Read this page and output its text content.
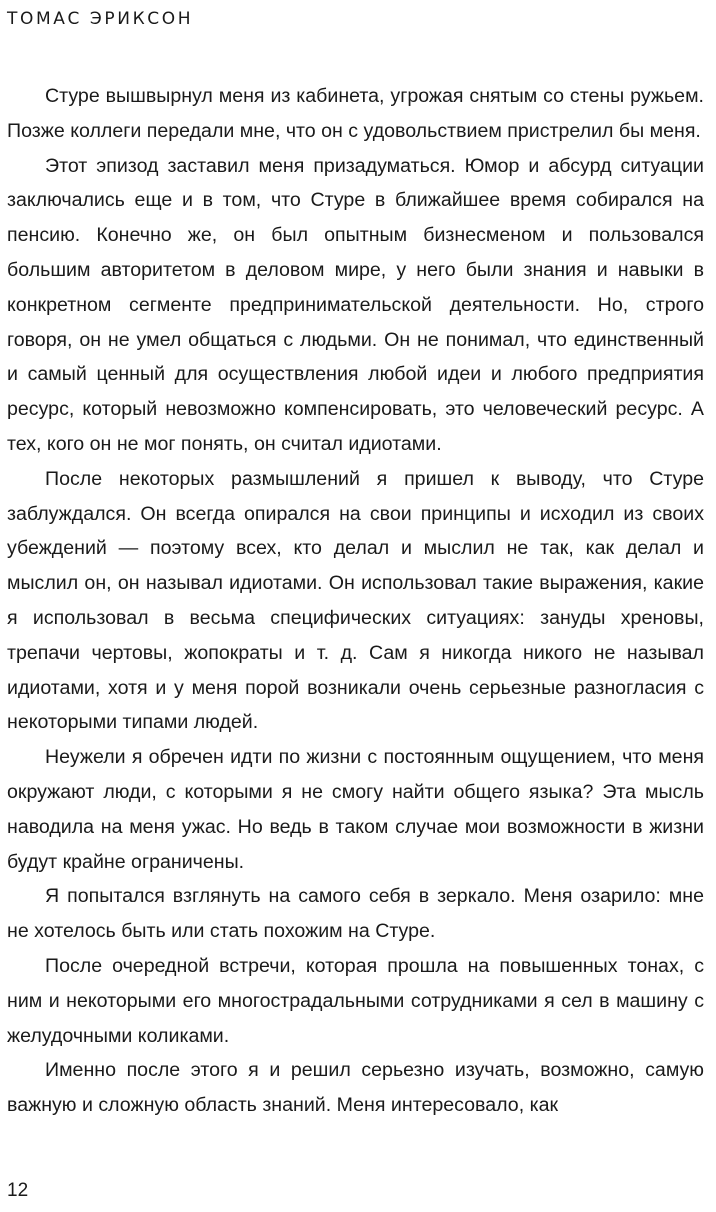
ТОМАС ЭРИКСОН

Стуре вышвырнул меня из кабинета, угрожая снятым со стены ружьем. Позже коллеги передали мне, что он с удовольствием пристрелил бы меня.

Этот эпизод заставил меня призадуматься. Юмор и абсурд ситуации заключались еще и в том, что Стуре в ближайшее время собирался на пенсию. Конечно же, он был опытным бизнесменом и пользовался большим авторитетом в деловом мире, у него были знания и навыки в конкретном сегменте предпринимательской деятельности. Но, строго говоря, он не умел общаться с людьми. Он не понимал, что единственный и самый ценный для осуществления любой идеи и любого предприятия ресурс, который невозможно компенсировать, это человеческий ресурс. А тех, кого он не мог понять, он считал идиотами.

После некоторых размышлений я пришел к выводу, что Стуре заблуждался. Он всегда опирался на свои принципы и исходил из своих убеждений — поэтому всех, кто делал и мыслил не так, как делал и мыслил он, он называл идиотами. Он использовал такие выражения, какие я использовал в весьма специфических ситуациях: зануды хреновы, трепачи чертовы, жопократы и т. д. Сам я никогда никого не называл идиотами, хотя и у меня порой возникали очень серьезные разногласия с некоторыми типами людей.

Неужели я обречен идти по жизни с постоянным ощущением, что меня окружают люди, с которыми я не смогу найти общего языка? Эта мысль наводила на меня ужас. Но ведь в таком случае мои возможности в жизни будут крайне ограничены.

Я попытался взглянуть на самого себя в зеркало. Меня озарило: мне не хотелось быть или стать похожим на Стуре.

После очередной встречи, которая прошла на повышенных тонах, с ним и некоторыми его многострадальными сотрудниками я сел в машину с желудочными коликами.

Именно после этого я и решил серьезно изучать, возможно, самую важную и сложную область знаний. Меня интересовало, как

12
